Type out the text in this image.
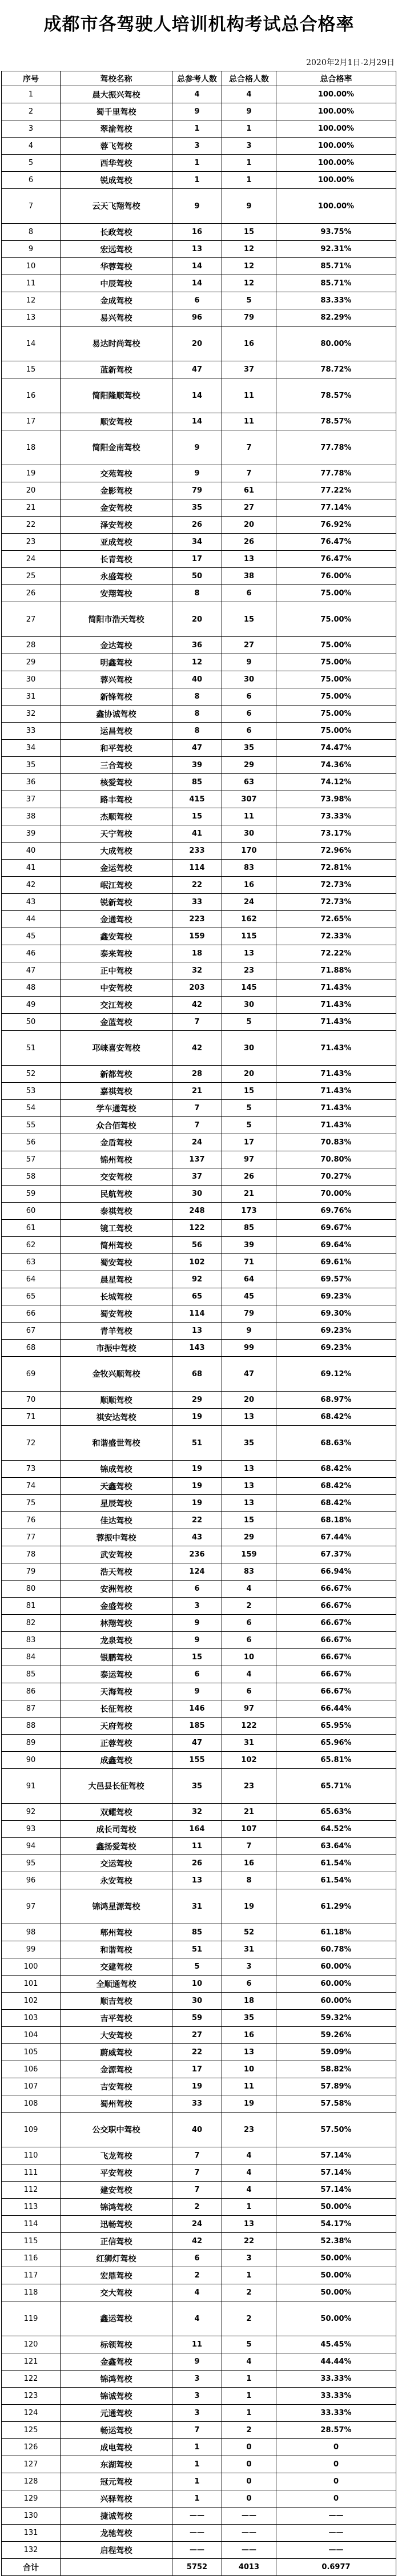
成都市各驾驶人培训机构考试总合格率
2020年2月1日-2月29日
序号	驾校名称	总参考人数	总合格人数	总合格率
1	晨大振兴驾校	4	4	100.00%
2	蜀千里驾校	9	9	100.00%
3	翠渝驾校	1	1	100.00%
4	蓉飞驾校	3	3	100.00%
5	西华驾校	1	1	100.00%
6	锐成驾校	1	1	100.00%
7	云天飞翔驾校	9	9	100.00%
8	长政驾校	16	15	93.75%
9	宏远驾校	13	12	92.31%
10	华蓉驾校	14	12	85.71%
11	中辰驾校	14	12	85.71%
12	金成驾校	6	5	83.33%
13	易兴驾校	96	79	82.29%
14	易达时尚驾校	20	16	80.00%
15	蓝新驾校	47	37	78.72%
16	简阳隆顺驾校	14	11	78.57%
17	顺安驾校	14	11	78.57%
18	简阳金南驾校	9	7	77.78%
19	交苑驾校	9	7	77.78%
20	金影驾校	79	61	77.22%
21	金安驾校	35	27	77.14%
22	泽安驾校	26	20	76.92%
23	亚成驾校	34	26	76.47%
24	长青驾校	17	13	76.47%
25	永盛驾校	50	38	76.00%
26	安翔驾校	8	6	75.00%
27	简阳市浩天驾校	20	15	75.00%
28	金达驾校	36	27	75.00%
29	明鑫驾校	12	9	75.00%
30	蓉兴驾校	40	30	75.00%
31	新锋驾校	8	6	75.00%
32	鑫协诚驾校	8	6	75.00%
33	运昌驾校	8	6	75.00%
34	和平驾校	47	35	74.47%
35	三合驾校	39	29	74.36%
36	核爱驾校	85	63	74.12%
37	路丰驾校	415	307	73.98%
38	杰顺驾校	15	11	73.33%
39	天宁驾校	41	30	73.17%
40	大成驾校	233	170	72.96%
41	金运驾校	114	83	72.81%
42	岷江驾校	22	16	72.73%
43	锐新驾校	33	24	72.73%
44	金通驾校	223	162	72.65%
45	鑫安驾校	159	115	72.33%
46	泰来驾校	18	13	72.22%
47	正中驾校	32	23	71.88%
48	中安驾校	203	145	71.43%
49	交江驾校	42	30	71.43%
50	金蓝驾校	7	5	71.43%
51	邛崃喜安驾校	42	30	71.43%
52	新都驾校	28	20	71.43%
53	嘉祺驾校	21	15	71.43%
54	学车通驾校	7	5	71.43%
55	众合佰驾校	7	5	71.43%
56	金盾驾校	24	17	70.83%
57	锦州驾校	137	97	70.80%
58	交安驾校	37	26	70.27%
59	民航驾校	30	21	70.00%
60	泰祺驾校	248	173	69.76%
61	镜工驾校	122	85	69.67%
62	简州驾校	56	39	69.64%
63	蜀安驾校	102	71	69.61%
64	晨星驾校	92	64	69.57%
65	长城驾校	65	45	69.23%
66	蜀安驾校	114	79	69.30%
67	青羊驾校	13	9	69.23%
68	市振中驾校	143	99	69.23%
69	金牧兴顺驾校	68	47	69.12%
70	顺顺驾校	29	20	68.97%
71	祺安达驾校	19	13	68.42%
72	和谐盛世驾校	51	35	68.63%
73	锦成驾校	19	13	68.42%
74	天鑫驾校	19	13	68.42%
75	星辰驾校	19	13	68.42%
76	佳达驾校	22	15	68.18%
77	蓉振中驾校	43	29	67.44%
78	武安驾校	236	159	67.37%
79	浩天驾校	124	83	66.94%
80	安洲驾校	6	4	66.67%
81	金盛驾校	3	2	66.67%
82	林翔驾校	9	6	66.67%
83	龙泉驾校	9	6	66.67%
84	银鹏驾校	15	10	66.67%
85	泰运驾校	6	4	66.67%
86	天海驾校	9	6	66.67%
87	长征驾校	146	97	66.44%
88	天府驾校	185	122	65.95%
89	正蓉驾校	47	31	65.96%
90	成鑫驾校	155	102	65.81%
91	大邑县长征驾校	35	23	65.71%
92	双耀驾校	32	21	65.63%
93	成长司驾校	164	107	64.52%
94	鑫扬爱驾校	11	7	63.64%
95	交运驾校	26	16	61.54%
96	永安驾校	13	8	61.54%
97	锦鸿星源驾校	31	19	61.29%
98	郫州驾校	85	52	61.18%
99	和谐驾校	51	31	60.78%
100	交建驾校	5	3	60.00%
101	全顺通驾校	10	6	60.00%
102	顺吉驾校	30	18	60.00%
103	吉平驾校	59	35	59.32%
104	大安驾校	27	16	59.26%
105	蔚威驾校	22	13	59.09%
106	金源驾校	17	10	58.82%
107	吉安驾校	19	11	57.89%
108	蜀州驾校	33	19	57.58%
109	公交职中驾校	40	23	57.50%
110	飞龙驾校	7	4	57.14%
111	平安驾校	7	4	57.14%
112	建安驾校	7	4	57.14%
113	锦鸿驾校	2	1	50.00%
114	迅畅驾校	24	13	54.17%
115	正信驾校	42	22	52.38%
116	红狮灯驾校	6	3	50.00%
117	宏鼎驾校	2	1	50.00%
118	交大驾校	4	2	50.00%
119	鑫运驾校	4	2	50.00%
120	标领驾校	11	5	45.45%
121	金鑫驾校	9	4	44.44%
122	锦鸿驾校	3	1	33.33%
123	锦诚驾校	3	1	33.33%
124	元通驾校	3	1	33.33%
125	畅运驾校	7	2	28.57%
126	成电驾校	1	0	0
127	东湖驾校	1	0	0
128	冠元驾校	1	0	0
129	兴驿驾校	1	0	0
130	捷诚驾校	——	——	——
131	龙驰驾校	——	——	——
132	启程驾校	——	——	——
合计		5752	4013	0.6977
